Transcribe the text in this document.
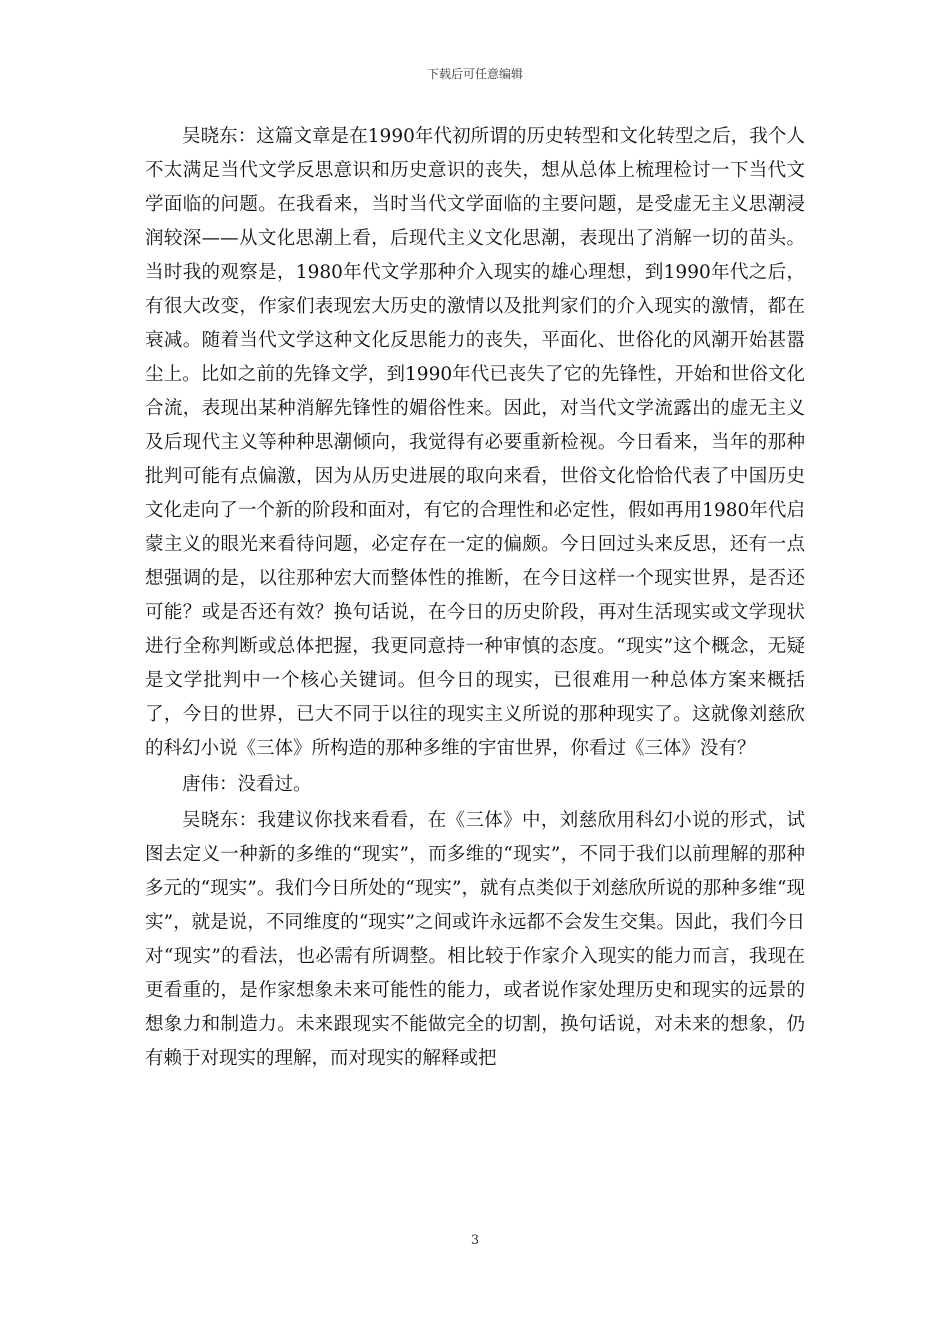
下载后可任意编辑

吴晓东：这篇文章是在1990年代初所谓的历史转型和文化转型之后，我个人不太满足当代文学反思意识和历史意识的丧失，想从总体上梳理检讨一下当代文学面临的问题。在我看来，当时当代文学面临的主要问题，是受虚无主义思潮浸润较深——从文化思潮上看，后现代主义文化思潮，表现出了消解一切的苗头。当时我的观察是，1980年代文学那种介入现实的雄心理想，到1990年代之后，有很大改变，作家们表现宏大历史的激情以及批判家们的介入现实的激情，都在衰减。随着当代文学这种文化反思能力的丧失，平面化、世俗化的风潮开始甚嚣尘上。比如之前的先锋文学，到1990年代已丧失了它的先锋性，开始和世俗文化合流，表现出某种消解先锋性的媚俗性来。因此，对当代文学流露出的虚无主义及后现代主义等种种思潮倾向，我觉得有必要重新检视。今日看来，当年的那种批判可能有点偏激，因为从历史进展的取向来看，世俗文化恰恰代表了中国历史文化走向了一个新的阶段和面对，有它的合理性和必定性，假如再用1980年代启蒙主义的眼光来看待问题，必定存在一定的偏颇。今日回过头来反思，还有一点想强调的是，以往那种宏大而整体性的推断，在今日这样一个现实世界，是否还可能？或是否还有效？换句话说，在今日的历史阶段，再对生活现实或文学现状进行全称判断或总体把握，我更同意持一种审慎的态度。“现实”这个概念，无疑是文学批判中一个核心关键词。但今日的现实，已很难用一种总体方案来概括了，今日的世界，已大不同于以往的现实主义所说的那种现实了。这就像刘慈欣的科幻小说《三体》所构造的那种多维的宇宙世界，你看过《三体》没有？

唐伟：没看过。

吴晓东：我建议你找来看看，在《三体》中，刘慈欣用科幻小说的形式，试图去定义一种新的多维的“现实”，而多维的“现实”，不同于我们以前理解的那种多元的“现实”。我们今日所处的“现实”，就有点类似于刘慈欣所说的那种多维“现实”，就是说，不同维度的“现实”之间或许永远都不会发生交集。因此，我们今日对“现实”的看法，也必需有所调整。相比较于作家介入现实的能力而言，我现在更看重的，是作家想象未来可能性的能力，或者说作家处理历史和现实的远景的想象力和制造力。未来跟现实不能做完全的切割，换句话说，对未来的想象，仍有赖于对现实的理解，而对现实的解释或把

3
